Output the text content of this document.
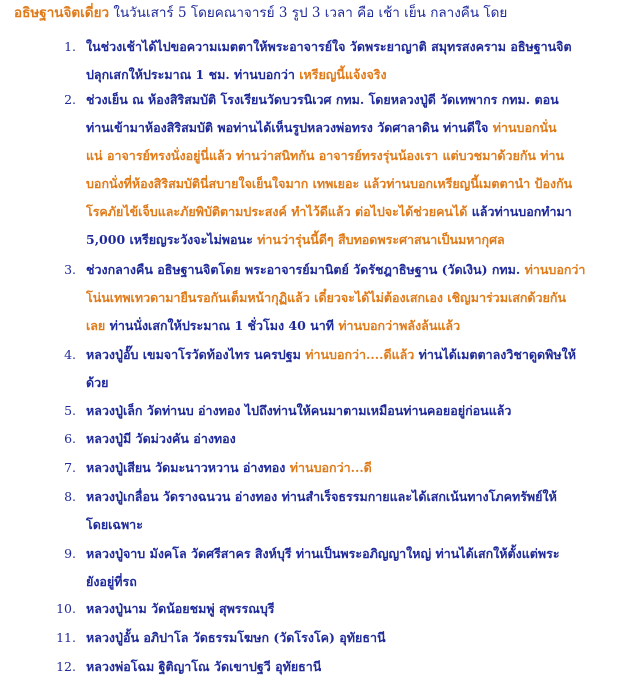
อธิษฐานจิตเดี่ยว ในวันเสาร์ 5 โดยคณาจารย์ 3 รูป 3 เวลา คือ เช้า เย็น กลางคืน โดย
1. ในช่วงเช้าได้ไปขอความเมตตาให้พระอาจารย์ใจ วัดพระยาญาติ สมุทรสงคราม อธิษฐานจิต
ปลุกเสกให้ประมาณ 1 ชม. ท่านบอกว่า เหรียญนี้แจ้งจริง
2. ช่วงเย็น ณ ห้องสิริสมบัติ โรงเรียนวัดบวรนิเวศ กทม. โดยหลวงปู่ดี วัดเทพากร กทม. ตอน
ท่านเข้ามาห้องสิริสมบัติ พอท่านได้เห็นรูปหลวงพ่อทรง วัดศาลาดิน ท่านดีใจ ท่านบอกนั่น
แน่ อาจารย์ทรงนั่งอยู่นี่แล้ว ท่านว่าสนิทกัน อาจารย์ทรงรุ่นน้องเรา แต่บวชมาด้วยกัน ท่าน
บอกนั่งที่ห้องสิริสมบัตินี่สบายใจเย็นใจมาก เทพเยอะ แล้วท่านบอกเหรียญนี้เมตตานำ ป้องกัน
โรคภัยไข้เจ็บและภัยพิบัติตามประสงค์ ทำไว้ดีแล้ว ต่อไปจะได้ช่วยคนได้ แล้วท่านบอกทำมา
5,000 เหรียญระวังจะไม่พอนะ ท่านว่ารุ่นนี้ดีๆ สืบทอดพระศาสนาเป็นมหากุศล
3. ช่วงกลางคืน อธิษฐานจิตโดย พระอาจารย์มานิตย์ วัดรัชฎาธิษฐาน (วัดเงิน) กทม. ท่านบอกว่า
โน่นเทพเทวดามายืนรอกันเต็มหน้ากุฏิแล้ว เดี๋ยวจะได้ไม่ต้องเสกเอง เชิญมาร่วมเสกด้วยกัน
เลย ท่านนั่งเสกให้ประมาณ 1 ชั่วโมง 40 นาที ท่านบอกว่าพลังล้นแล้ว
4. หลวงปู่อั๊บ เขมจาโรวัดท้องไทร นครปฐม ท่านบอกว่า....ดีแล้ว ท่านได้เมตตาลงวิชาดูดพิษให้
ด้วย
5. หลวงปู่เล็ก วัดท่านบ อ่างทอง ไปถึงท่านให้คนมาตามเหมือนท่านคอยอยู่ก่อนแล้ว
6. หลวงปู่มี วัดม่วงคัน อ่างทอง
7. หลวงปู่เสียน วัดมะนาวหวาน อ่างทอง ท่านบอกว่า...ดี
8. หลวงปู่เกลื่อน วัดรางฉนวน อ่างทอง ท่านสำเร็จธรรมกายและได้เสกเน้นทางโภคทรัพย์ให้
โดยเฉพาะ
9. หลวงปู่จาบ มังคโล วัดศรีสาคร สิงห์บุรี ท่านเป็นพระอภิญญาใหญ่ ท่านได้เสกให้ตั้งแต่พระ
ยังอยู่ที่รถ
10. หลวงปู่นาม วัดน้อยชมพู่ สุพรรณบุรี
11. หลวงปู่อั้น อภิปาโล วัดธรรมโฆษก (วัดโรงโค) อุทัยธานี
12. หลวงพ่อโฉม ฐิติญาโณ วัดเขาปฐวี อุทัยธานี
